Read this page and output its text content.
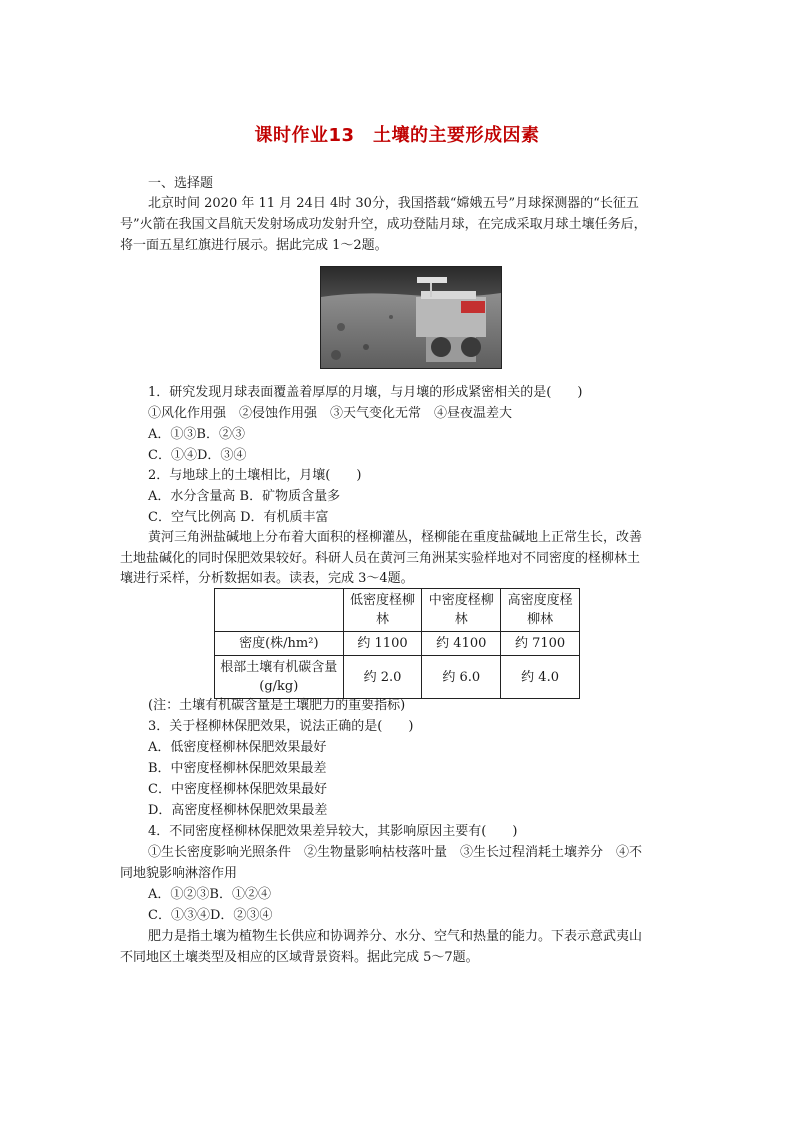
课时作业13　土壤的主要形成因素
一、选择题
北京时间 2020 年 11 月 24日 4时 30分，我国搭载“嫦娥五号”月球探测器的“长征五
号”火箭在我国文昌航天发射场成功发射升空，成功登陆月球，在完成采取月球土壤任务后，
将一面五星红旗进行展示。据此完成 1～2题。
1．研究发现月球表面覆盖着厚厚的月壤，与月壤的形成紧密相关的是(　　)
①风化作用强　②侵蚀作用强　③天气变化无常　④昼夜温差大
A．①③B．②③
C．①④D．③④
2．与地球上的土壤相比，月壤(　　)
A．水分含量高 B．矿物质含量多
C．空气比例高 D．有机质丰富
黄河三角洲盐碱地上分布着大面积的柽柳灌丛，柽柳能在重度盐碱地上正常生长，改善
土地盐碱化的同时保肥效果较好。科研人员在黄河三角洲某实验样地对不同密度的柽柳林土
壤进行采样，分析数据如表。读表，完成 3～4题。
	低密度柽柳林	中密度柽柳林	高密度度柽柳林
密度(株/hm²)	约 1100	约 4100	约 7100
根部土壤有机碳含量(g/kg)	约 2.0	约 6.0	约 4.0
(注：土壤有机碳含量是土壤肥力的重要指标)
3．关于柽柳林保肥效果，说法正确的是(　　)
A．低密度柽柳林保肥效果最好
B．中密度柽柳林保肥效果最差
C．中密度柽柳林保肥效果最好
D．高密度柽柳林保肥效果最差
4．不同密度柽柳林保肥效果差异较大，其影响原因主要有(　　)
①生长密度影响光照条件　②生物量影响枯枝落叶量　③生长过程消耗土壤养分　④不
同地貌影响淋溶作用
A．①②③B．①②④
C．①③④D．②③④
肥力是指土壤为植物生长供应和协调养分、水分、空气和热量的能力。下表示意武夷山
不同地区土壤类型及相应的区域背景资料。据此完成 5～7题。
